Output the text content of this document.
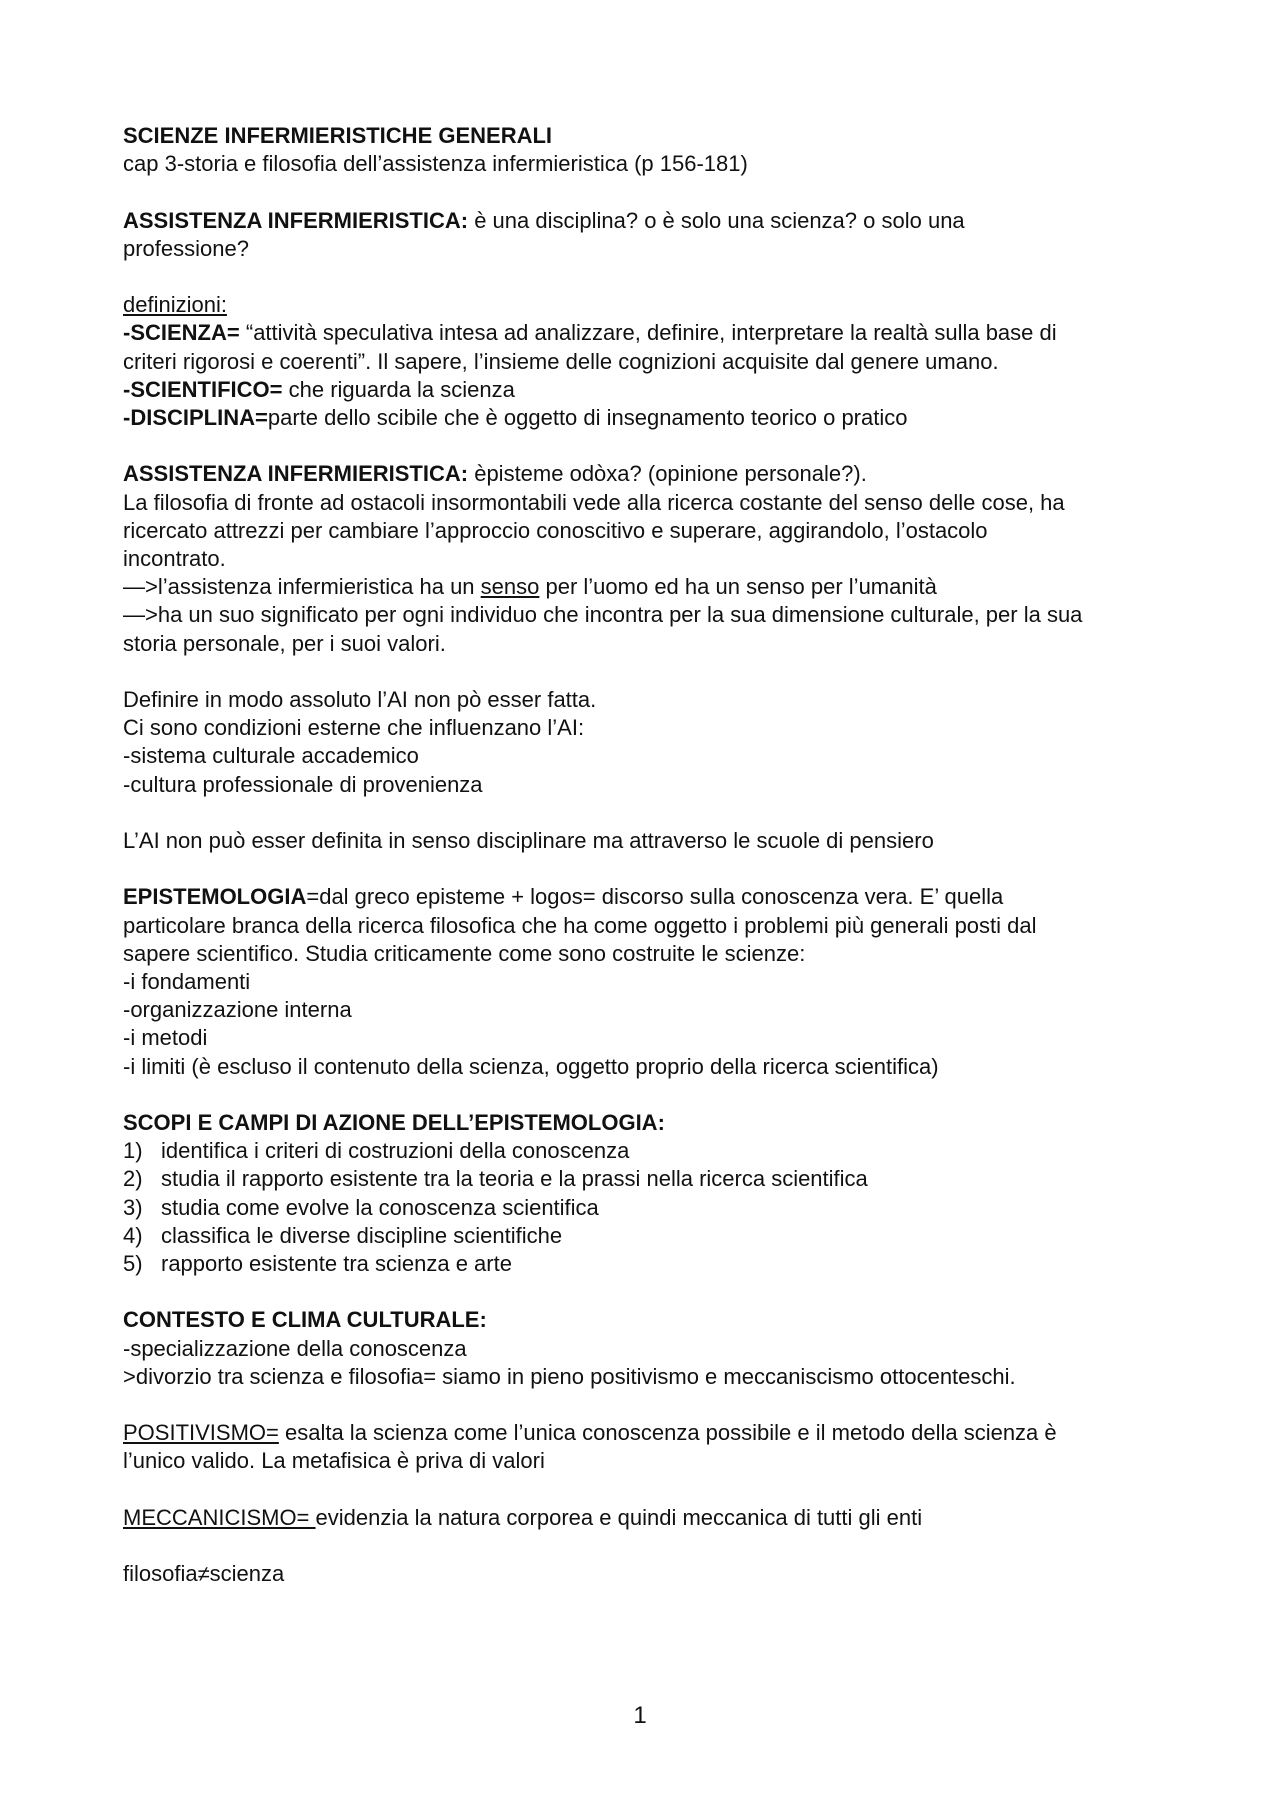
SCIENZE INFERMIERISTICHE GENERALI
cap 3-storia e filosofia dell’assistenza infermieristica (p 156-181)
ASSISTENZA INFERMIERISTICA: è una disciplina? o è solo una scienza? o solo una
professione?
definizioni:
-SCIENZA= “attività speculativa intesa ad analizzare, definire, interpretare la realtà sulla base di
criteri rigorosi e coerenti”. Il sapere, l’insieme delle cognizioni acquisite dal genere umano.
-SCIENTIFICO= che riguarda la scienza
-DISCIPLINA=parte dello scibile che è oggetto di insegnamento teorico o pratico
ASSISTENZA INFERMIERISTICA: èpisteme odòxa? (opinione personale?).
La filosofia di fronte ad ostacoli insormontabili vede alla ricerca costante del senso delle cose, ha
ricercato attrezzi per cambiare l’approccio conoscitivo e superare, aggirandolo, l’ostacolo
incontrato.
—>l’assistenza infermieristica ha un senso per l’uomo ed ha un senso per l’umanità
—>ha un suo significato per ogni individuo che incontra per la sua dimensione culturale, per la sua
storia personale, per i suoi valori.
Definire in modo assoluto l’AI non pò esser fatta.
Ci sono condizioni esterne che influenzano l’AI:
-sistema culturale accademico
-cultura professionale di provenienza
L’AI non può esser definita in senso disciplinare ma attraverso le scuole di pensiero
EPISTEMOLOGIA=dal greco episteme + logos= discorso sulla conoscenza vera. E’ quella
particolare branca della ricerca filosofica che ha come oggetto i problemi più generali posti dal
sapere scientifico. Studia criticamente come sono costruite le scienze:
-i fondamenti
-organizzazione interna
-i metodi
-i limiti (è escluso il contenuto della scienza, oggetto proprio della ricerca scientifica)
SCOPI E CAMPI DI AZIONE DELL’EPISTEMOLOGIA:
1) identifica i criteri di costruzioni della conoscenza
2) studia il rapporto esistente tra la teoria e la prassi nella ricerca scientifica
3) studia come evolve la conoscenza scientifica
4) classifica le diverse discipline scientifiche
5) rapporto esistente tra scienza e arte
CONTESTO E CLIMA CULTURALE:
-specializzazione della conoscenza
>divorzio tra scienza e filosofia= siamo in pieno positivismo e meccaniscismo ottocenteschi.
POSITIVISMO= esalta la scienza come l’unica conoscenza possibile e il metodo della scienza è
l’unico valido. La metafisica è priva di valori
MECCANICISMO= evidenzia la natura corporea e quindi meccanica di tutti gli enti
filosofia≠scienza
1
